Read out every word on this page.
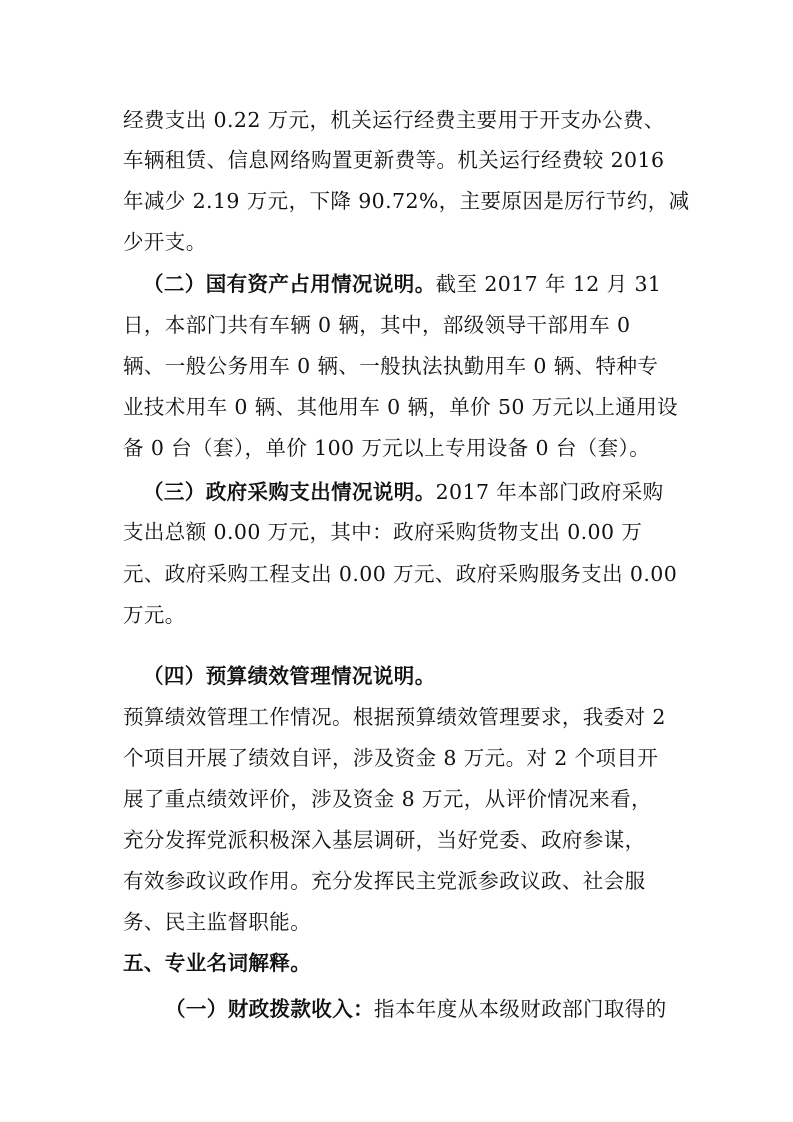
经费支出 0.22 万元，机关运行经费主要用于开支办公费、
车辆租赁、信息网络购置更新费等。机关运行经费较 2016
年减少 2.19 万元，下降 90.72%，主要原因是厉行节约，减
少开支。
（二）国有资产占用情况说明。截至 2017 年 12 月 31
日，本部门共有车辆 0 辆，其中，部级领导干部用车 0
辆、一般公务用车 0 辆、一般执法执勤用车 0 辆、特种专
业技术用车 0 辆、其他用车 0 辆，单价 50 万元以上通用设
备 0 台（套），单价 100 万元以上专用设备 0 台（套）。
（三）政府采购支出情况说明。2017 年本部门政府采购
支出总额 0.00 万元，其中：政府采购货物支出 0.00 万
元、政府采购工程支出 0.00 万元、政府采购服务支出 0.00
万元。
（四）预算绩效管理情况说明。
预算绩效管理工作情况。根据预算绩效管理要求，我委对 2
个项目开展了绩效自评，涉及资金 8 万元。对 2 个项目开
展了重点绩效评价，涉及资金 8 万元，从评价情况来看，
充分发挥党派积极深入基层调研，当好党委、政府参谋，
有效参政议政作用。充分发挥民主党派参政议政、社会服
务、民主监督职能。
五、专业名词解释。
（一）财政拨款收入：指本年度从本级财政部门取得的
